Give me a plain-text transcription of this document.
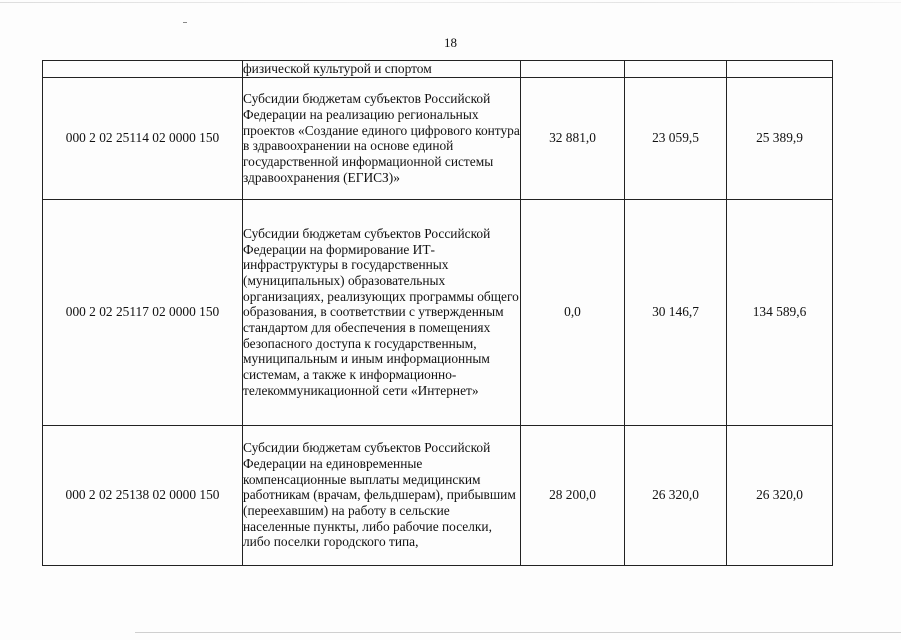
18
	физической культурой и спортом			
000 2 02 25114 02 0000 150	Субсидии бюджетам субъектов Российской Федерации на реализацию региональных проектов «Создание единого цифрового контура в здравоохранении на основе единой государственной информационной системы здравоохранения (ЕГИСЗ)»	32 881,0	23 059,5	25 389,9
000 2 02 25117 02 0000 150	Субсидии бюджетам субъектов Российской Федерации на формирование ИТ-инфраструктуры в государственных (муниципальных) образовательных организациях, реализующих программы общего образования, в соответствии с утвержденным стандартом для обеспечения в помещениях безопасного доступа к государственным, муниципальным и иным информационным системам, а также к информационно-телекоммуникационной сети «Интернет»	0,0	30 146,7	134 589,6
000 2 02 25138 02 0000 150	Субсидии бюджетам субъектов Российской Федерации на единовременные компенсационные выплаты медицинским работникам (врачам, фельдшерам), прибывшим (переехавшим) на работу в сельские населенные пункты, либо рабочие поселки, либо поселки городского типа,	28 200,0	26 320,0	26 320,0
